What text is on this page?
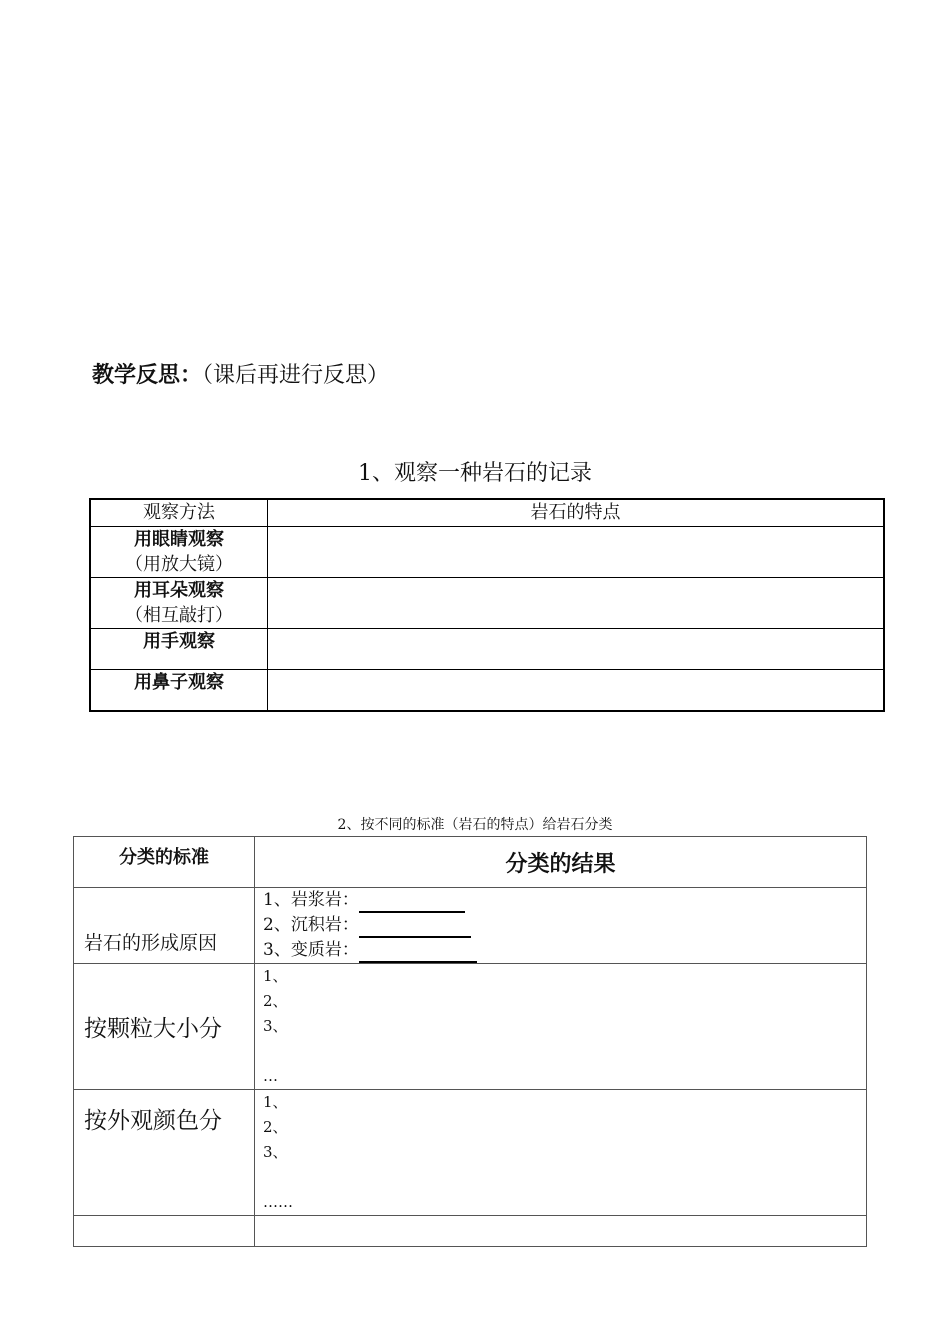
教学反思：（课后再进行反思）
1、观察一种岩石的记录
观察方法	岩石的特点

用眼睛观察
（用放大镜）	

用耳朵观察
（相互敲打）	

用手观察	

用鼻子观察	

2、按不同的标准（岩石的特点）给岩石分类
分类的标准	分类的结果
岩石的形成原因	1、岩浆岩：
2、沉积岩：
3、变质岩：

按颗粒大小分	1、
2、
3、
…

按外观颜色分	1、
2、
3、
……
